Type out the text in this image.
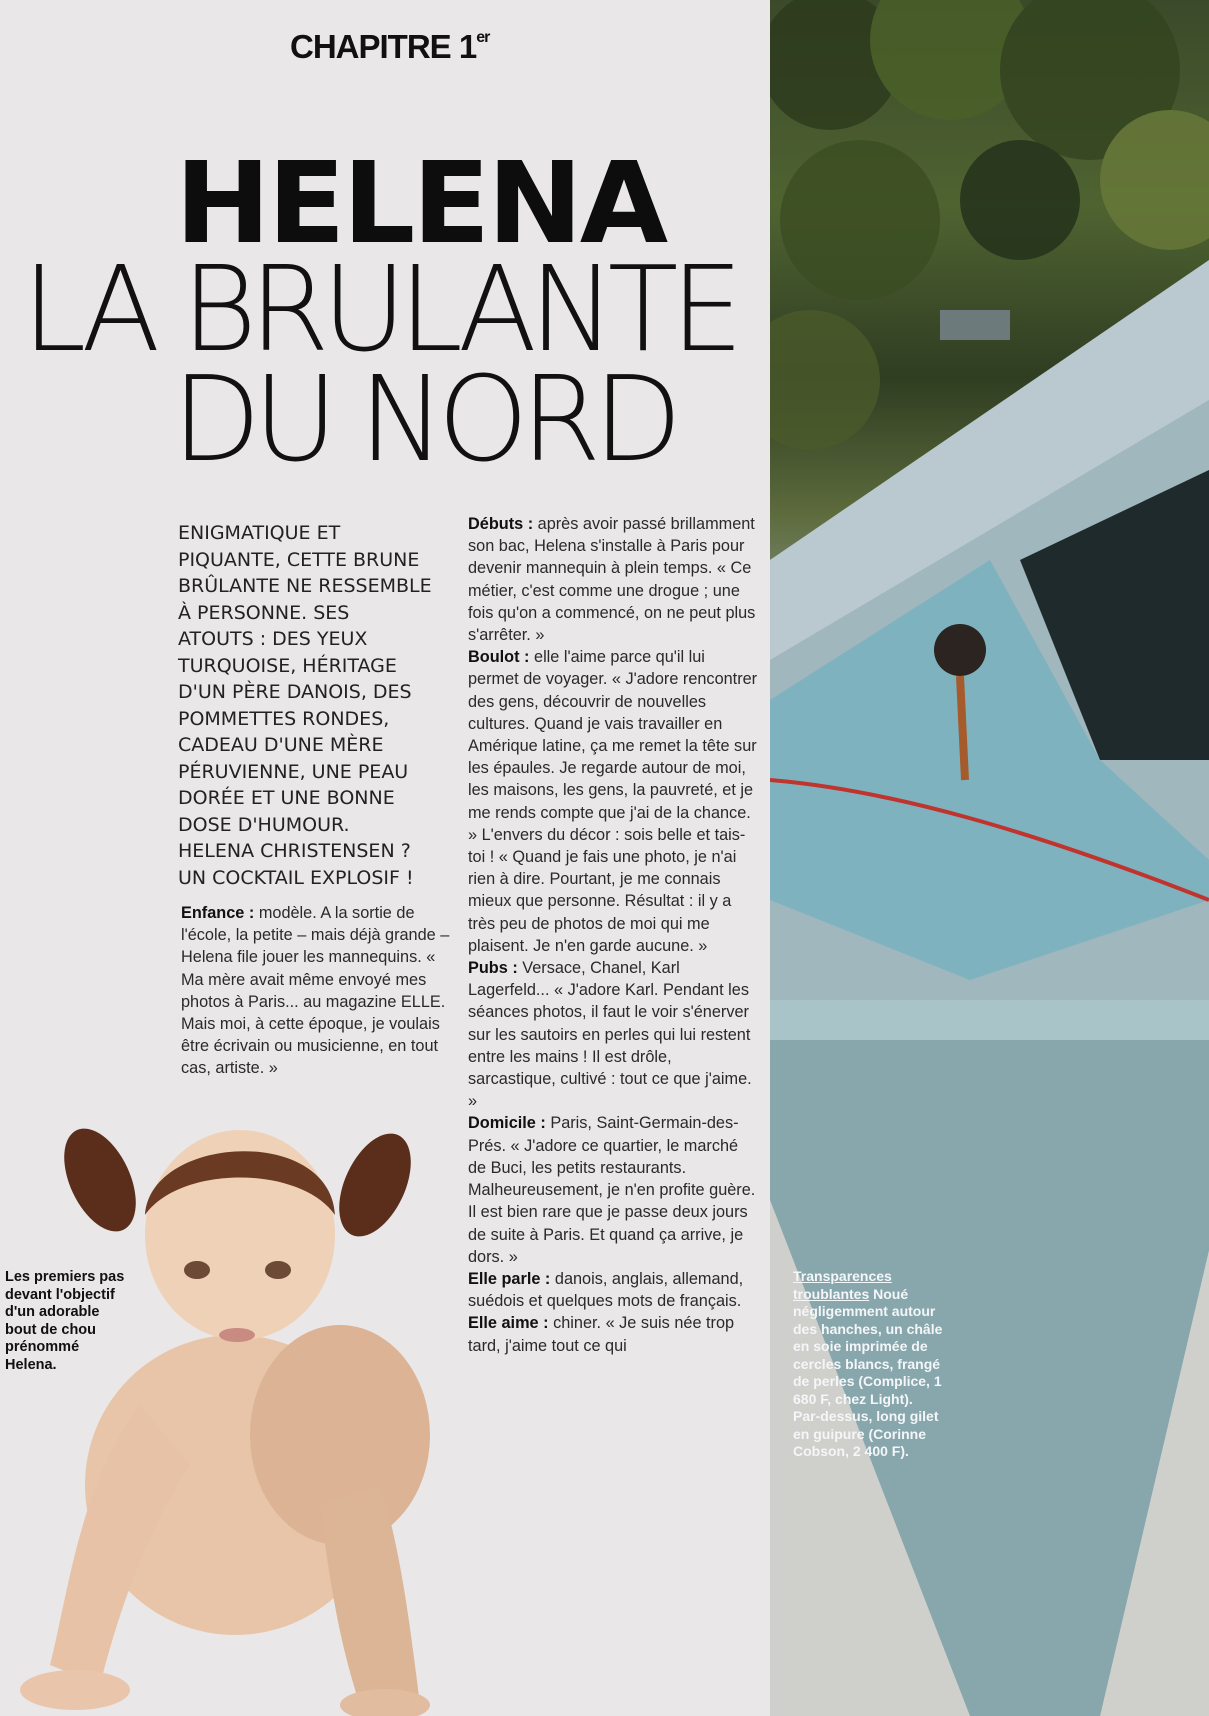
CHAPITRE 1er
HELENA
LA BRULANTE
DU NORD
ENIGMATIQUE ET
PIQUANTE, CETTE BRUNE
BRÛLANTE NE RESSEMBLE
À PERSONNE. SES
ATOUTS : DES YEUX
TURQUOISE, HÉRITAGE
D'UN PÈRE DANOIS, DES
POMMETTES RONDES,
CADEAU D'UNE MÈRE
PÉRUVIENNE, UNE PEAU
DORÉE ET UNE BONNE
DOSE D'HUMOUR.
HELENA CHRISTENSEN ?
UN COCKTAIL EXPLOSIF !

Enfance : modèle. A la sortie de l'école, la petite – mais déjà grande – Helena file jouer les mannequins. « Ma mère avait même envoyé mes photos à Paris... au magazine ELLE. Mais moi, à cette époque, je voulais être écrivain ou musicienne, en tout cas, artiste. »

Débuts : après avoir passé brillamment son bac, Helena s'installe à Paris pour devenir mannequin à plein temps. « Ce métier, c'est comme une drogue ; une fois qu'on a commencé, on ne peut plus s'arrêter. »

Boulot : elle l'aime parce qu'il lui permet de voyager. « J'adore rencontrer des gens, découvrir de nouvelles cultures. Quand je vais travailler en Amérique latine, ça me remet la tête sur les épaules. Je regarde autour de moi, les maisons, les gens, la pauvreté, et je me rends compte que j'ai de la chance. » L'envers du décor : sois belle et tais-toi ! « Quand je fais une photo, je n'ai rien à dire. Pourtant, je me connais mieux que personne. Résultat : il y a très peu de photos de moi qui me plaisent. Je n'en garde aucune. »

Pubs : Versace, Chanel, Karl Lagerfeld... « J'adore Karl. Pendant les séances photos, il faut le voir s'énerver sur les sautoirs en perles qui lui restent entre les mains ! Il est drôle, sarcastique, cultivé : tout ce que j'aime. »

Domicile : Paris, Saint-Germain-des-Prés. « J'adore ce quartier, le marché de Buci, les petits restaurants. Malheureusement, je n'en profite guère. Il est bien rare que je passe deux jours de suite à Paris. Et quand ça arrive, je dors. »

Elle parle : danois, anglais, allemand, suédois et quelques mots de français.

Elle aime : chiner. « Je suis née trop tard, j'aime tout ce qui

Les premiers pas devant l'objectif d'un adorable bout de chou prénommé Helena.
Transparences troublantes Noué négligemment autour des hanches, un châle en soie imprimée de cercles blancs, frangé de perles (Complice, 1 680 F, chez Light). Par-dessus, long gilet en guipure (Corinne Cobson, 2 400 F).
